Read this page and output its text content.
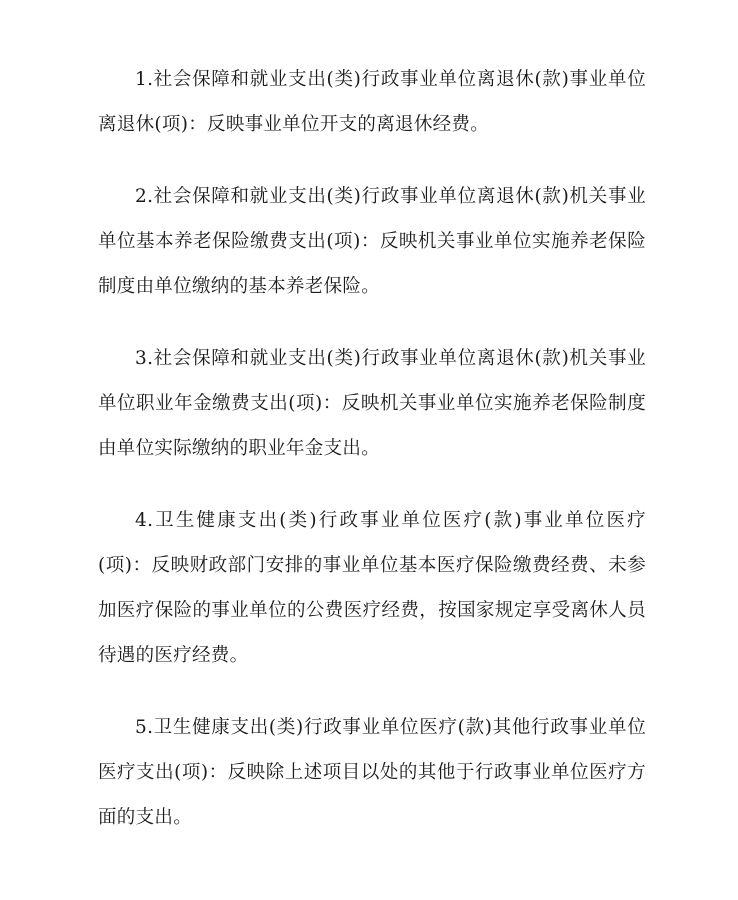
1.社会保障和就业支出(类)行政事业单位离退休(款)事业单位离退休(项)：反映事业单位开支的离退休经费。

2.社会保障和就业支出(类)行政事业单位离退休(款)机关事业单位基本养老保险缴费支出(项)：反映机关事业单位实施养老保险制度由单位缴纳的基本养老保险。

3.社会保障和就业支出(类)行政事业单位离退休(款)机关事业单位职业年金缴费支出(项)：反映机关事业单位实施养老保险制度由单位实际缴纳的职业年金支出。

4.卫生健康支出(类)行政事业单位医疗(款)事业单位医疗(项)：反映财政部门安排的事业单位基本医疗保险缴费经费、未参加医疗保险的事业单位的公费医疗经费，按国家规定享受离休人员待遇的医疗经费。

5.卫生健康支出(类)行政事业单位医疗(款)其他行政事业单位医疗支出(项)：反映除上述项目以处的其他于行政事业单位医疗方面的支出。
